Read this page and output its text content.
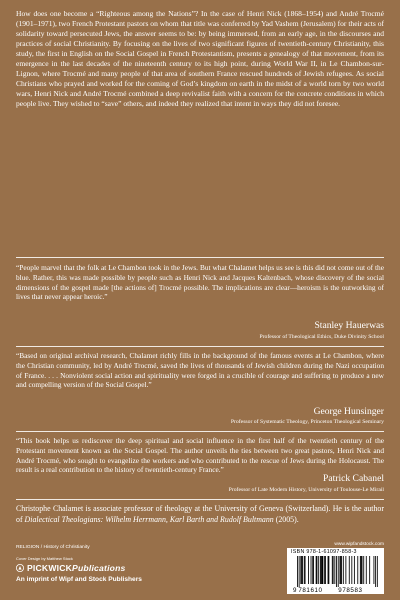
How does one become a “Righteous among the Nations”? In the case of Henri Nick (1868–1954) and André Trocmé (1901–1971), two French Protestant pastors on whom that title was conferred by Yad Vashem (Jerusalem) for their acts of solidarity toward persecuted Jews, the answer seems to be: by being immersed, from an early age, in the discourses and practices of social Christianity. By focusing on the lives of two significant figures of twentieth-century Christianity, this study, the first in English on the Social Gospel in French Protestantism, presents a genealogy of that movement, from its emergence in the last decades of the nineteenth century to its high point, during World War II, in Le Chambon-sur-Lignon, where Trocmé and many people of that area of southern France rescued hundreds of Jewish refugees. As social Christians who prayed and worked for the coming of God’s kingdom on earth in the midst of a world torn by two world wars, Henri Nick and André Trocmé combined a deep revivalist faith with a concern for the concrete conditions in which people live. They wished to “save” others, and indeed they realized that intent in ways they did not foresee.

“People marvel that the folk at Le Chambon took in the Jews. But what Chalamet helps us see is this did not come out of the blue. Rather, this was made possible by people such as Henri Nick and Jacques Kaltenbach, whose discovery of the social dimensions of the gospel made [the actions of] Trocmé possible. The implications are clear—heroism is the outworking of lives that never appear heroic.”

Stanley Hauerwas
Professor of Theological Ethics, Duke Divinity School

“Based on original archival research, Chalamet richly fills in the background of the famous events at Le Chambon, where the Christian community, led by André Trocmé, saved the lives of thousands of Jewish children during the Nazi occupation of France. . . . Nonviolent social action and spirituality were forged in a crucible of courage and suffering to produce a new and compelling version of the Social Gospel.”

George Hunsinger
Professor of Systematic Theology, Princeton Theological Seminary

“This book helps us rediscover the deep spiritual and social influence in the first half of the twentieth century of the Protestant movement known as the Social Gospel. The author unveils the ties between two great pastors, Henri Nick and André Trocmé, who sought to evangelize the workers and who contributed to the rescue of Jews during the Holocaust. The result is a real contribution to the history of twentieth-century France.”

Patrick Cabanel
Professor of Late Modern History, University of Toulouse-Le Mirail

Christophe Chalamet is associate professor of theology at the University of Geneva (Switzerland). He is the author of Dialectical Theologians: Wilhelm Herrmann, Karl Barth and Rudolf Bultmann (2005).

www.wipfandstock.com
RELIGION / History of Christianity
Cover Design by Matthew Stock
PICKWICK Publications
An imprint of Wipf and Stock Publishers
ISBN 978-1-61097-858-3
9 781610	978583
